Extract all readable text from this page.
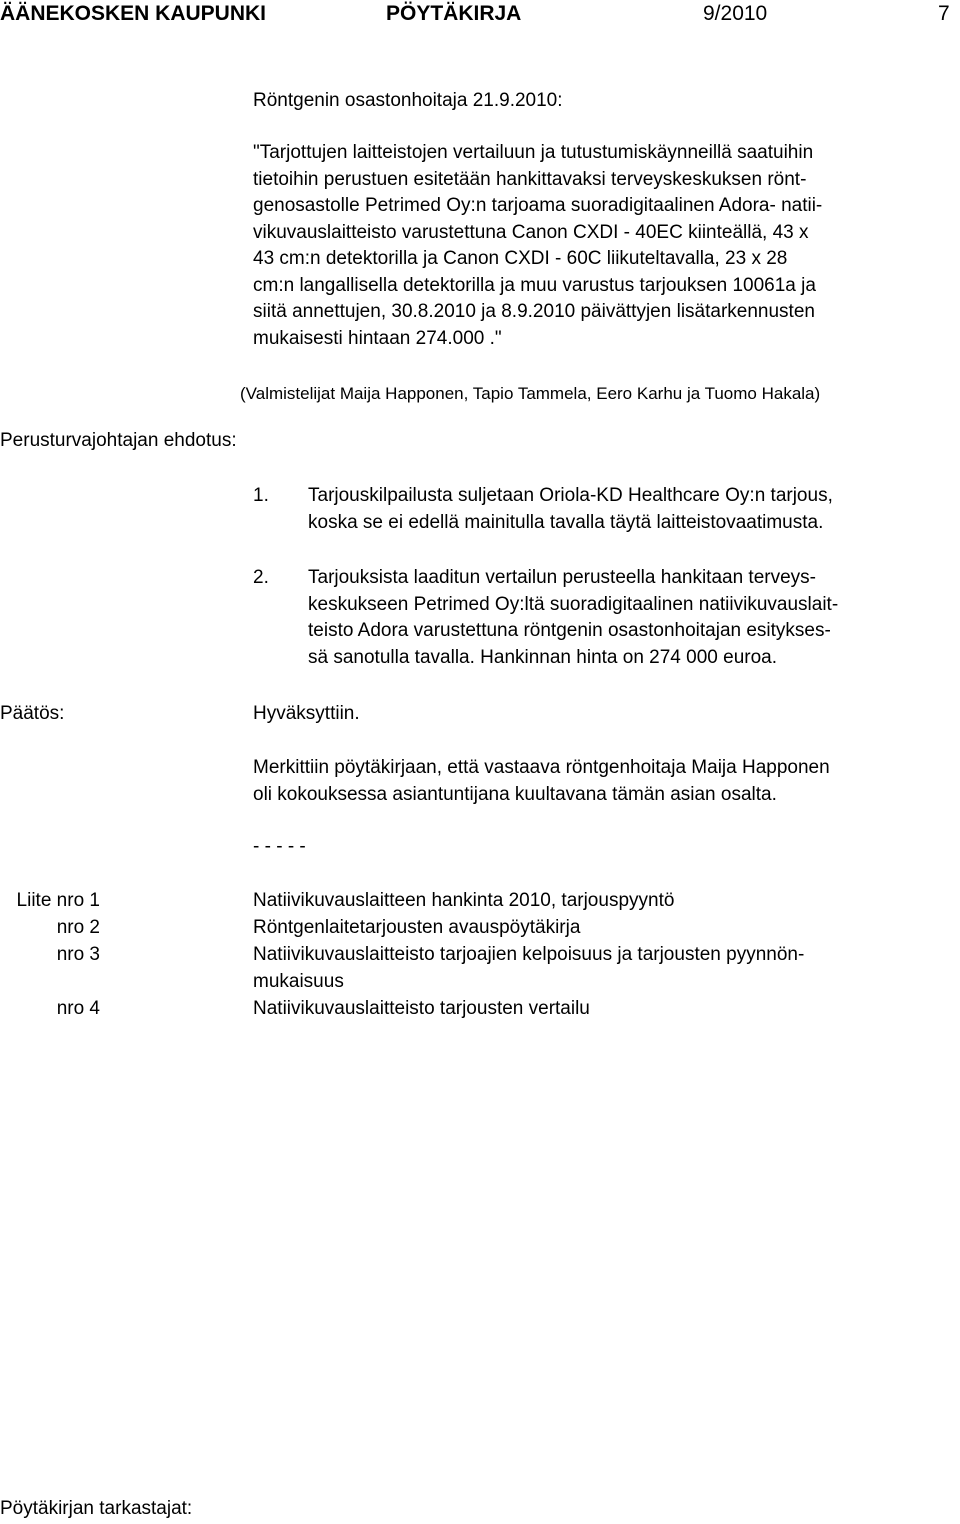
ÄÄNEKOSKEN KAUPUNKI	PÖYTÄKIRJA	9/2010	7
Röntgenin osastonhoitaja 21.9.2010:
"Tarjottujen laitteistojen vertailuun ja tutustumiskäynneillä saatuihin
tietoihin perustuen esitetään hankittavaksi terveyskeskuksen rönt-
genosastolle Petrimed Oy:n tarjoama suoradigitaalinen Adora- natii-
vikuvauslaitteisto varustettuna Canon CXDI - 40EC kiinteällä, 43 x
43 cm:n detektorilla ja Canon CXDI - 60C liikuteltavalla, 23 x 28
cm:n langallisella detektorilla ja muu varustus tarjouksen 10061a ja
siitä annettujen, 30.8.2010 ja 8.9.2010 päivättyjen lisätarkennusten
mukaisesti hintaan 274.000 ."
(Valmistelijat Maija Happonen, Tapio Tammela, Eero Karhu ja Tuomo Hakala)
Perusturvajohtajan ehdotus:
1. Tarjouskilpailusta suljetaan Oriola-KD Healthcare Oy:n tarjous,
koska se ei edellä mainitulla tavalla täytä laitteistovaatimusta.
2. Tarjouksista laaditun vertailun perusteella hankitaan terveys-
keskukseen Petrimed Oy:ltä suoradigitaalinen natiivikuvauslait-
teisto Adora varustettuna röntgenin osastonhoitajan esitykses-
sä sanotulla tavalla. Hankinnan hinta on 274 000 euroa.
Päätös:	Hyväksyttiin.
Merkittiin pöytäkirjaan, että vastaava röntgenhoitaja Maija Happonen
oli kokouksessa asiantuntijana kuultavana tämän asian osalta.
- - - - -
Liite nro 1	Natiivikuvauslaitteen hankinta 2010, tarjouspyyntö
nro 2	Röntgenlaitetarjousten avauspöytäkirja
nro 3	Natiivikuvauslaitteisto tarjoajien kelpoisuus ja tarjousten pyynnön-
mukaisuus
nro 4	Natiivikuvauslaitteisto tarjousten vertailu
Pöytäkirjan tarkastajat:
